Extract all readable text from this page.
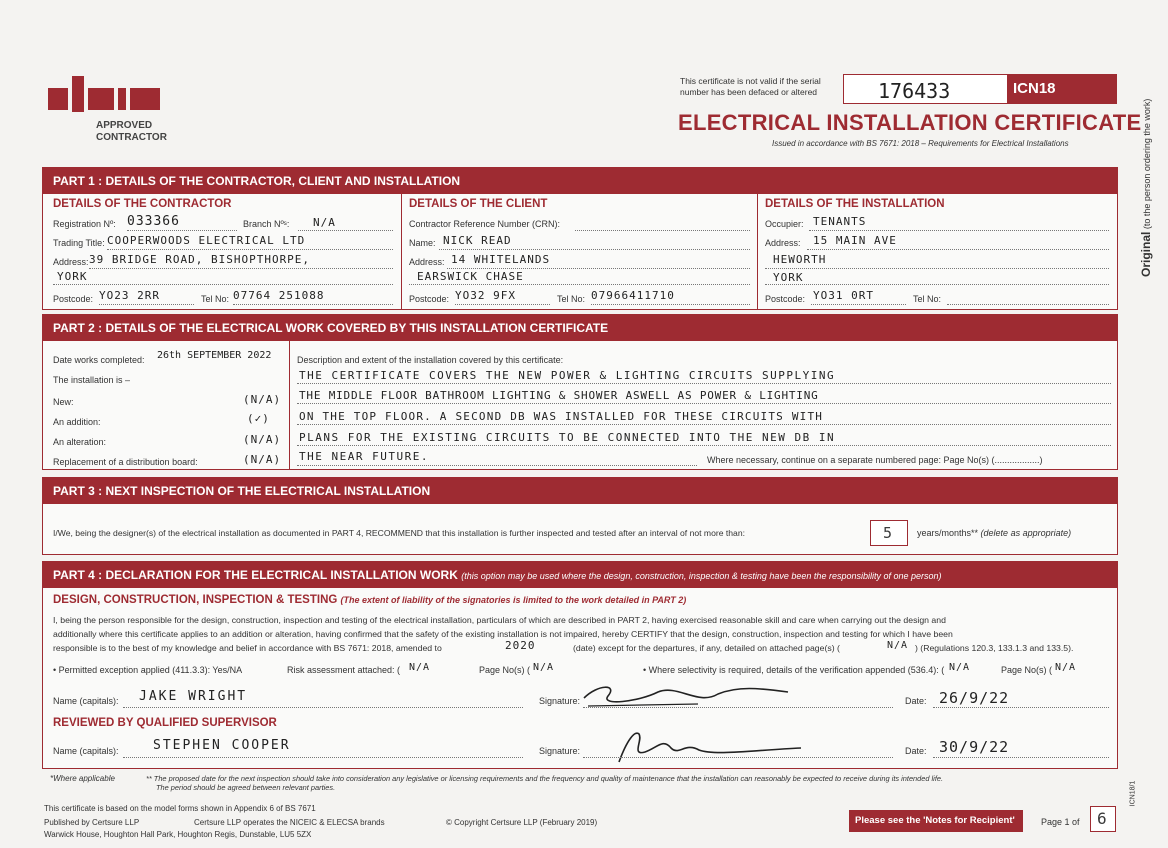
APPROVED
CONTRACTOR
This certificate is not valid if the serial number has been defaced or altered	176433	ICN18
ELECTRICAL INSTALLATION CERTIFICATE
Issued in accordance with BS 7671: 2018 – Requirements for Electrical Installations
Original (to the person ordering the work)
PART 1 : DETAILS OF THE CONTRACTOR, CLIENT AND INSTALLATION
DETAILS OF THE CONTRACTOR
Registration Nº: 033366	Branch Nºˢ: N/A
Trading Title: COOPERWOODS ELECTRICAL LTD
Address: 39 BRIDGE ROAD, BISHOPTHORPE,
YORK
Postcode: YO23 2RR	Tel No: 07764 251088
DETAILS OF THE CLIENT
Contractor Reference Number (CRN):
Name: NICK READ
Address: 14 WHITELANDS
EARSWICK CHASE
Postcode: YO32 9FX	Tel No: 07966411710
DETAILS OF THE INSTALLATION
Occupier: TENANTS
Address: 15 MAIN AVE
HEWORTH
YORK
Postcode: YO31 0RT	Tel No:
PART 2 : DETAILS OF THE ELECTRICAL WORK COVERED BY THIS INSTALLATION CERTIFICATE
Date works completed: 26th SEPTEMBER 2022
The installation is –
New:	(N/A)
An addition:	(✓)
An alteration:	(N/A)
Replacement of a distribution board:	(N/A)
Description and extent of the installation covered by this certificate:
THE CERTIFICATE COVERS THE NEW POWER & LIGHTING CIRCUITS SUPPLYING
THE MIDDLE FLOOR BATHROOM LIGHTING & SHOWER ASWELL AS POWER & LIGHTING
ON THE TOP FLOOR. A SECOND DB WAS INSTALLED FOR THESE CIRCUITS WITH
PLANS FOR THE EXISTING CIRCUITS TO BE CONNECTED INTO THE NEW DB IN
THE NEAR FUTURE.	Where necessary, continue on a separate numbered page: Page No(s) (..................)
PART 3 : NEXT INSPECTION OF THE ELECTRICAL INSTALLATION
I/We, being the designer(s) of the electrical installation as documented in PART 4, RECOMMEND that this installation is further inspected and tested after an interval of not more than:	5	years/months** (delete as appropriate)
PART 4 : DECLARATION FOR THE ELECTRICAL INSTALLATION WORK (this option may be used where the design, construction, inspection & testing have been the responsibility of one person)
DESIGN, CONSTRUCTION, INSPECTION & TESTING (The extent of liability of the signatories is limited to the work detailed in PART 2)
I, being the person responsible for the design, construction, inspection and testing of the electrical installation, particulars of which are described in PART 2, having exercised reasonable skill and care when carrying out the design and
additionally where this certificate applies to an addition or alteration, having confirmed that the safety of the existing installation is not impaired, hereby CERTIFY that the design, construction, inspection and testing for which I have been
responsible is to the best of my knowledge and belief in accordance with BS 7671: 2018, amended to	2020	(date) except for the departures, if any, detailed on attached page(s) (	N/A ) (Regulations 120.3, 133.1.3 and 133.5).
• Permitted exception applied (411.3.3): Yes/NA	Risk assessment attached: ( N/A	Page No(s) ( N/A	• Where selectivity is required, details of the verification appended (536.4): ( N/A	Page No(s) ( N/A
Name (capitals): JAKE WRIGHT	Signature:	Date: 26/9/22
REVIEWED BY QUALIFIED SUPERVISOR
Name (capitals):	STEPHEN COOPER	Signature:	Date: 30/9/22
*Where applicable	** The proposed date for the next inspection should take into consideration any legislative or licensing requirements and the frequency and quality of maintenance that the installation can reasonably be expected to receive during its intended life.
The period should be agreed between relevant parties.
This certificate is based on the model forms shown in Appendix 6 of BS 7671
Published by Certsure LLP	Certsure LLP operates the NICEIC & ELECSA brands	© Copyright Certsure LLP (February 2019)
Warwick House, Houghton Hall Park, Houghton Regis, Dunstable, LU5 5ZX
Please see the 'Notes for Recipient'	Page 1 of	6
ICN18/1
